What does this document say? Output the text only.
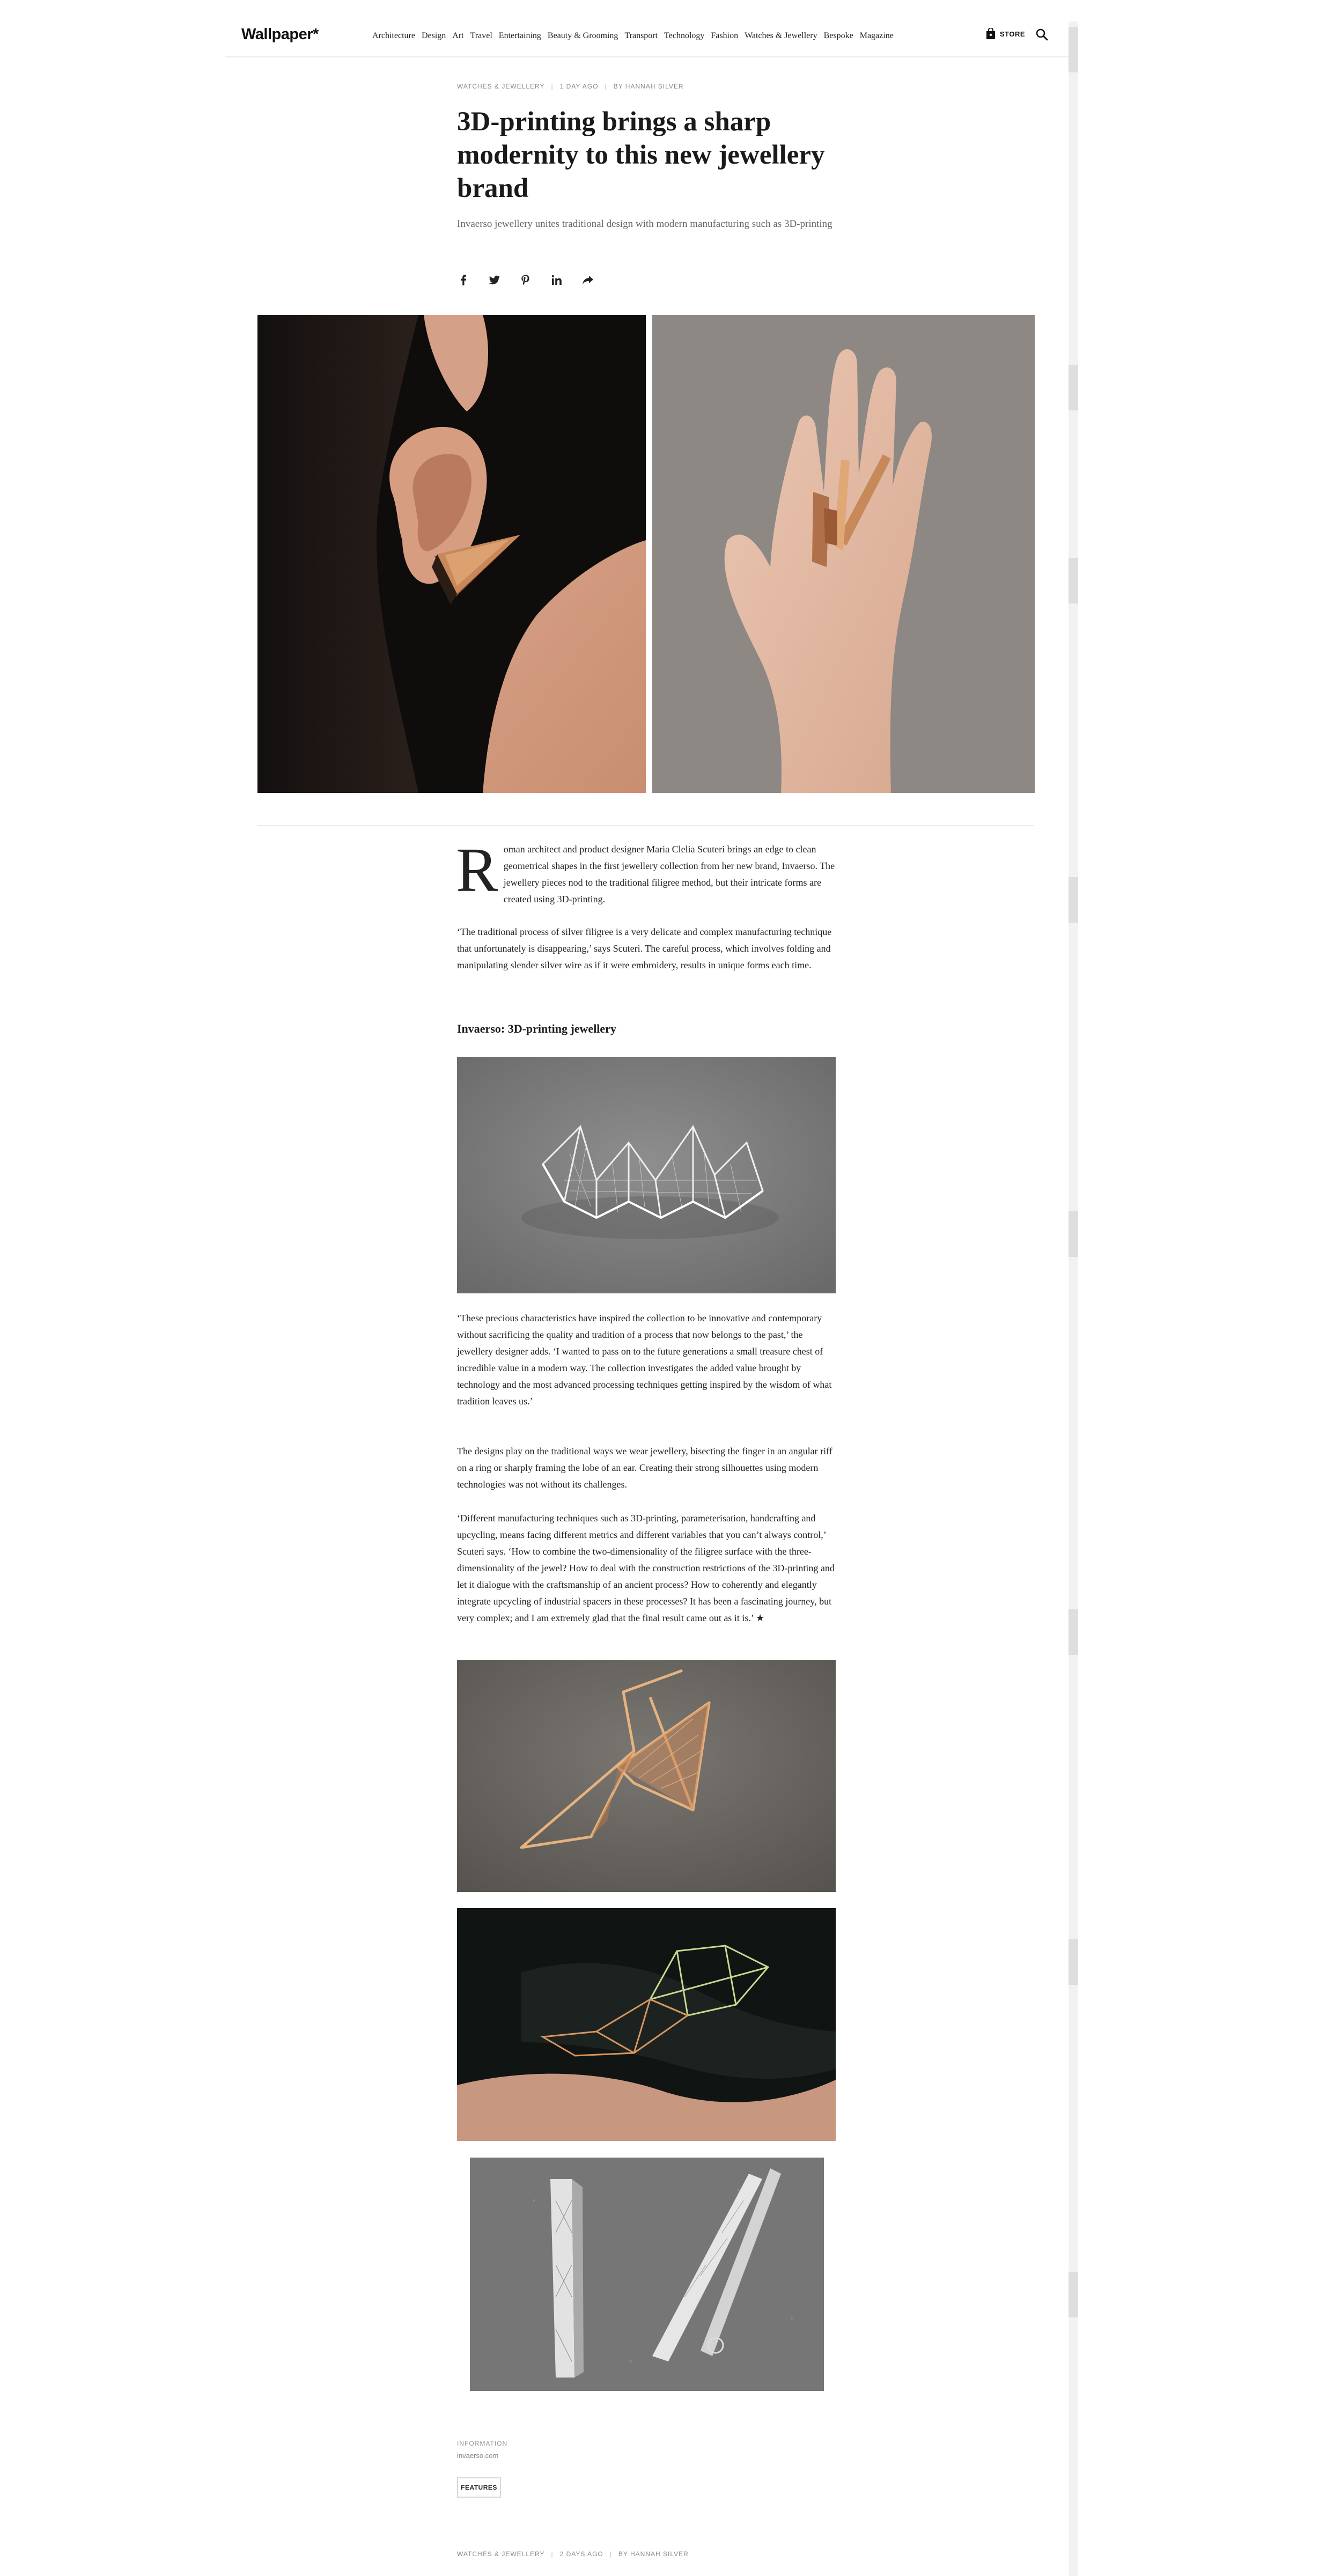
Wallpaper*	Architecture Design Art Travel Entertaining Beauty & Grooming Transport Technology Fashion Watches & Jewellery Bespoke Magazine	STORE
WATCHES & JEWELLERY | 1 DAY AGO | BY HANNAH SILVER
3D-printing brings a sharp modernity to this new jewellery brand

Invaerso jewellery unites traditional design with modern manufacturing such as 3D-printing

R oman architect and product designer Maria Clelia Scuteri brings an edge to clean geometrical shapes in the first jewellery collection from her new brand, Invaerso. The jewellery pieces nod to the traditional filigree method, but their intricate forms are created using 3D-printing.

‘The traditional process of silver filigree is a very delicate and complex manufacturing technique that unfortunately is disappearing,’ says Scuteri. The careful process, which involves folding and manipulating slender silver wire as if it were embroidery, results in unique forms each time.

Invaerso: 3D-printing jewellery

‘These precious characteristics have inspired the collection to be innovative and contemporary without sacrificing the quality and tradition of a process that now belongs to the past,’ the jewellery designer adds. ‘I wanted to pass on to the future generations a small treasure chest of incredible value in a modern way. The collection investigates the added value brought by technology and the most advanced processing techniques getting inspired by the wisdom of what tradition leaves us.’

The designs play on the traditional ways we wear jewellery, bisecting the finger in an angular riff on a ring or sharply framing the lobe of an ear. Creating their strong silhouettes using modern technologies was not without its challenges.

‘Different manufacturing techniques such as 3D-printing, parameterisation, handcrafting and upcycling, means facing different metrics and different variables that you can’t always control,’ Scuteri says. ‘How to combine the two-dimensionality of the filigree surface with the three-dimensionality of the jewel? How to deal with the construction restrictions of the 3D-printing and let it dialogue with the craftsmanship of an ancient process? How to coherently and elegantly integrate upcycling of industrial spacers in these processes? It has been a fascinating journey, but very complex; and I am extremely glad that the final result came out as it is.’ ★

INFORMATION
invaerso.com
FEATURES
WATCHES & JEWELLERY | 2 DAYS AGO | BY HANNAH SILVER
